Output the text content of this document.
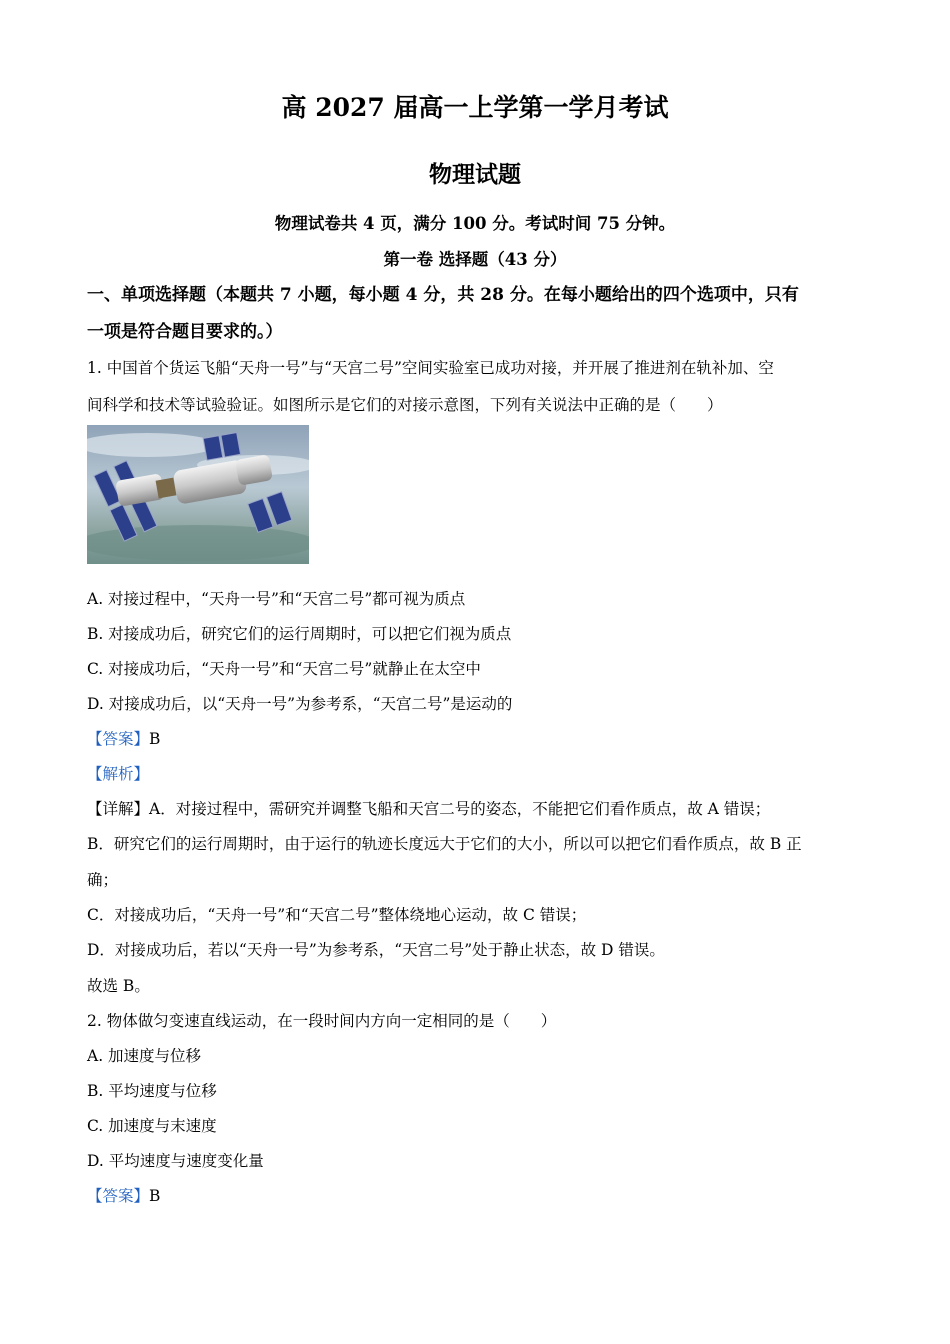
高 2027 届高一上学第一学月考试
物理试题
物理试卷共 4 页，满分 100 分。考试时间 75 分钟。
第一卷 选择题（43 分）
一、单项选择题（本题共 7 小题，每小题 4 分，共 28 分。在每小题给出的四个选项中，只有
一项是符合题目要求的。）
1. 中国首个货运飞船“天舟一号”与“天宫二号”空间实验室已成功对接，并开展了推进剂在轨补加、空
间科学和技术等试验验证。如图所示是它们的对接示意图，下列有关说法中正确的是（　　）
A. 对接过程中，“天舟一号”和“天宫二号”都可视为质点
B. 对接成功后，研究它们的运行周期时，可以把它们视为质点
C. 对接成功后，“天舟一号”和“天宫二号”就静止在太空中
D. 对接成功后，以“天舟一号”为参考系，“天宫二号”是运动的
【答案】B
【解析】
【详解】A．对接过程中，需研究并调整飞船和天宫二号的姿态，不能把它们看作质点，故 A 错误；
B．研究它们的运行周期时，由于运行的轨迹长度远大于它们的大小，所以可以把它们看作质点，故 B 正
确；
C．对接成功后，“天舟一号”和“天宫二号”整体绕地心运动，故 C 错误；
D．对接成功后，若以“天舟一号”为参考系，“天宫二号”处于静止状态，故 D 错误。
故选 B。
2. 物体做匀变速直线运动，在一段时间内方向一定相同的是（　　）
A. 加速度与位移
B. 平均速度与位移
C. 加速度与末速度
D. 平均速度与速度变化量
【答案】B
